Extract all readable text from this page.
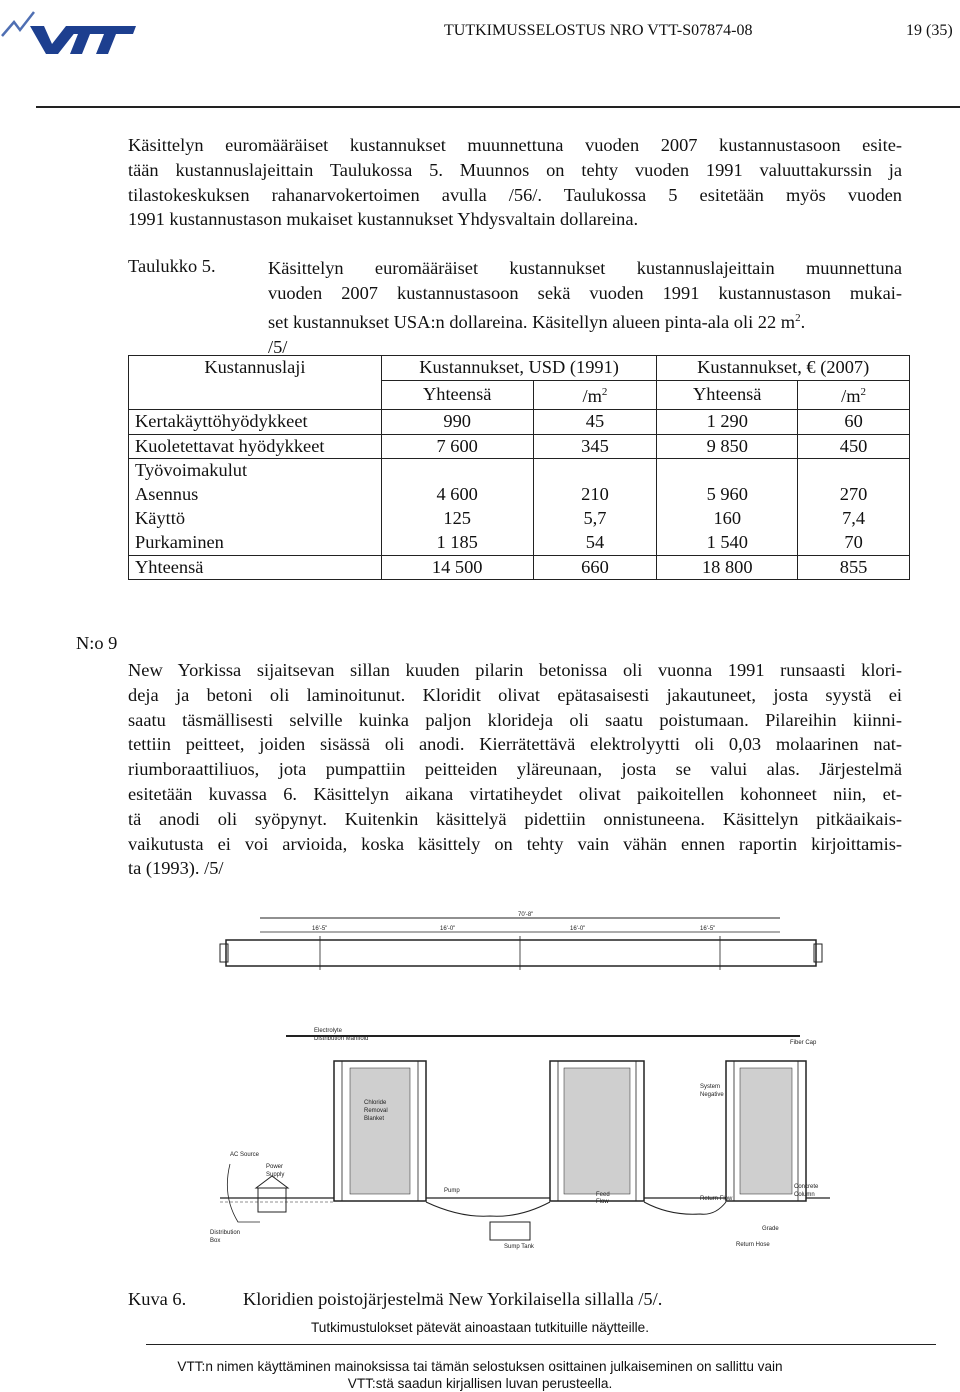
TUTKIMUSSELOSTUS NRO VTT-S07874-08	19 (35)
Käsittelyn euromääräiset kustannukset muunnettuna vuoden 2007 kustannustasoon esite-
tään kustannuslajeittain Taulukossa 5. Muunnos on tehty vuoden 1991 valuuttakurssin ja
tilastokeskuksen rahanarvokertoimen avulla /56/. Taulukossa 5 esitetään myös vuoden
1991 kustannustason mukaiset kustannukset Yhdysvaltain dollareina.
Taulukko 5.	Käsittelyn euromääräiset kustannukset kustannuslajeittain muunnettuna
vuoden 2007 kustannustasoon sekä vuoden 1991 kustannustason mukai-
set kustannukset USA:n dollareina. Käsitellyn alueen pinta-ala oli 22 $m^2$.
/5/
Kustannuslaji	Kustannukset, USD (1991)		Kustannukset, € (2007)	
	Yhteensä	$/m^2$	Yhteensä	$/m^2$
Kertakäyttöhyödykkeet	990	45	1 290	60
Kuoletettavat hyödykkeet	7 600	345	9 850	450
Työvoimakulut				
Asennus	4 600	210	5 960	270
Käyttö	125	5,7	160	7,4
Purkaminen	1 185	54	1 540	70
Yhteensä	14 500	660	18 800	855
N:o 9
New Yorkissa sijaitsevan sillan kuuden pilarin betonissa oli vuonna 1991 runsaasti klori-
deja ja betoni oli laminoitunut. Kloridit olivat epätasaisesti jakautuneet, josta syystä ei
saatu täsmällisesti selville kuinka paljon klorideja oli saatu poistumaan. Pilareihin kiinni-
tettiin peitteet, joiden sisässä oli anodi. Kierrätettävä elektrolyytti oli 0,03 molaarinen nat-
riumboraattiliuos, jota pumpattiin peitteiden yläreunaan, josta se valui alas. Järjestelmä
esitetään kuvassa 6. Käsittelyn aikana virtatiheydet olivat paikoitellen kohonneet niin, et-
tä anodi oli syöpynyt. Kuitenkin käsittelyä pidettiin onnistuneena. Käsittelyn pitkäaikais-
vaikutusta ei voi arvioida, koska käsittely on tehty vain vähän ennen raportin kirjoittamis-
ta (1993). /5/
70'-8"
16'-5"	16'-0"	16'-0"	16'-5"
Electrolyte
Distribution Manifold
Fiber Cap
Chloride
Removal
Blanket
System
Negative
AC Source
Power
Supply
Distribution
Box
Pump
Feed
Flow	Return Flow
Concrete
Column
Grade
Sump Tank	Return Hose
Kuva 6.	Kloridien poistojärjestelmä New Yorkilaisella sillalla /5/.
Tutkimustulokset pätevät ainoastaan tutkituille näytteille.
VTT:n nimen käyttäminen mainoksissa tai tämän selostuksen osittainen julkaiseminen on sallittu vain
VTT:stä saadun kirjallisen luvan perusteella.
